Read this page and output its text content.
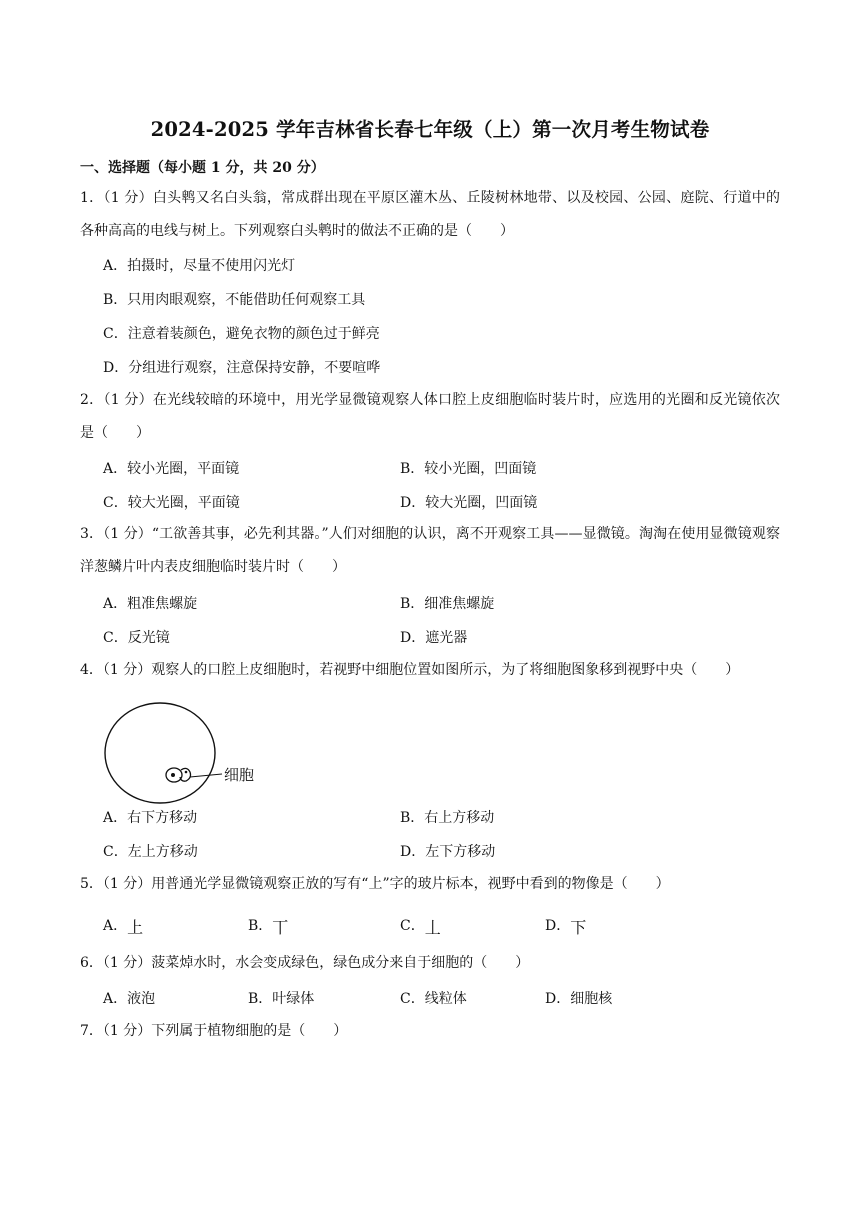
2024-2025 学年吉林省长春七年级（上）第一次月考生物试卷
一、选择题（每小题 1 分，共 20 分）
1．（1 分）白头鹎又名白头翁，常成群出现在平原区灌木丛、丘陵树林地带、以及校园、公园、庭院、行道中的各种高高的电线与树上。下列观察白头鹎时的做法不正确的是（　　）
A．拍摄时，尽量不使用闪光灯
B．只用肉眼观察，不能借助任何观察工具
C．注意着装颜色，避免衣物的颜色过于鲜亮
D．分组进行观察，注意保持安静，不要喧哗
2．（1 分）在光线较暗的环境中，用光学显微镜观察人体口腔上皮细胞临时装片时，应选用的光圈和反光镜依次是（　　）
A．较小光圈，平面镜	B．较小光圈，凹面镜
C．较大光圈，平面镜	D．较大光圈，凹面镜
3．（1 分）“工欲善其事，必先利其器。”人们对细胞的认识，离不开观察工具——显微镜。淘淘在使用显微镜观察洋葱鳞片叶内表皮细胞临时装片时（　　）
A．粗准焦螺旋	B．细准焦螺旋
C．反光镜	D．遮光器
4．（1 分）观察人的口腔上皮细胞时，若视野中细胞位置如图所示，为了将细胞图象移到视野中央（　　）
细胞
A．右下方移动	B．右上方移动
C．左上方移动	D．左下方移动
5．（1 分）用普通光学显微镜观察正放的写有“上”字的玻片标本，视野中看到的物像是（　　）
A．上	B．丅	C．丄	D．下
6．（1 分）菠菜焯水时，水会变成绿色，绿色成分来自于细胞的（　　）
A．液泡	B．叶绿体	C．线粒体	D．细胞核
7．（1 分）下列属于植物细胞的是（　　）
